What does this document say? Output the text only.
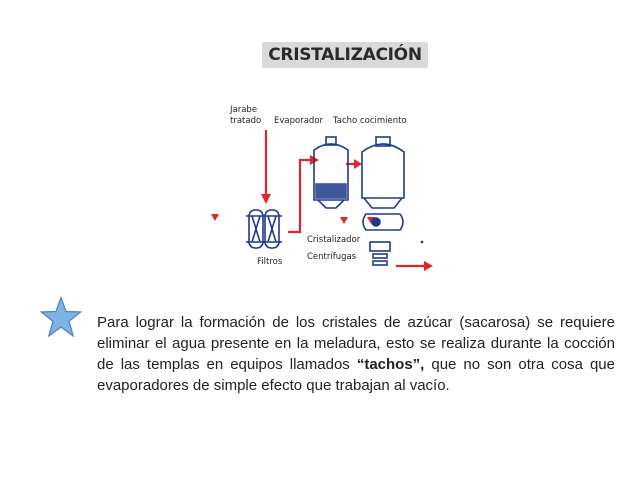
CRISTALIZACIÓN
Jarabe
tratado Evaporador Tacho cocimiento
Filtros
Cristalizador
Centrífugas

Para lograr la formación de los cristales de azúcar (sacarosa) se requiere eliminar el agua presente en la meladura, esto se realiza durante la cocción de las templas en equipos llamados “tachos”, que no son otra cosa que evaporadores de simple efecto que trabajan al vacío.
